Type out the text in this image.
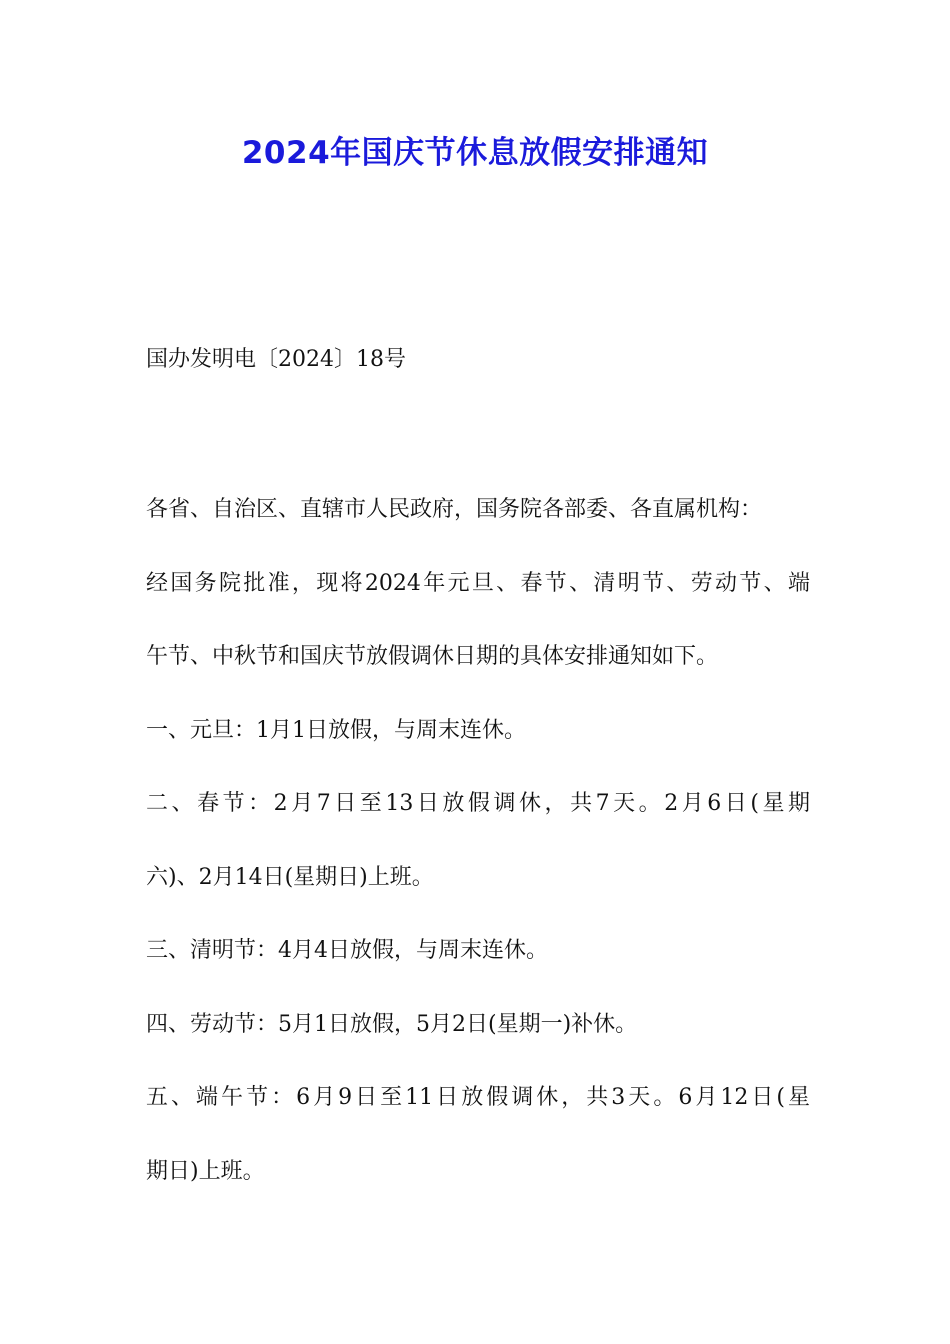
2024年国庆节休息放假安排通知

国办发明电〔2024〕18号

各省、自治区、直辖市人民政府，国务院各部委、各直属机构：
经国务院批准，现将2024年元旦、春节、清明节、劳动节、端
午节、中秋节和国庆节放假调休日期的具体安排通知如下。
一、元旦：1月1日放假，与周末连休。
二、春节：2月7日至13日放假调休，共7天。2月6日(星期
六)、2月14日(星期日)上班。
三、清明节：4月4日放假，与周末连休。
四、劳动节：5月1日放假，5月2日(星期一)补休。
五、端午节：6月9日至11日放假调休，共3天。6月12日(星
期日)上班。
